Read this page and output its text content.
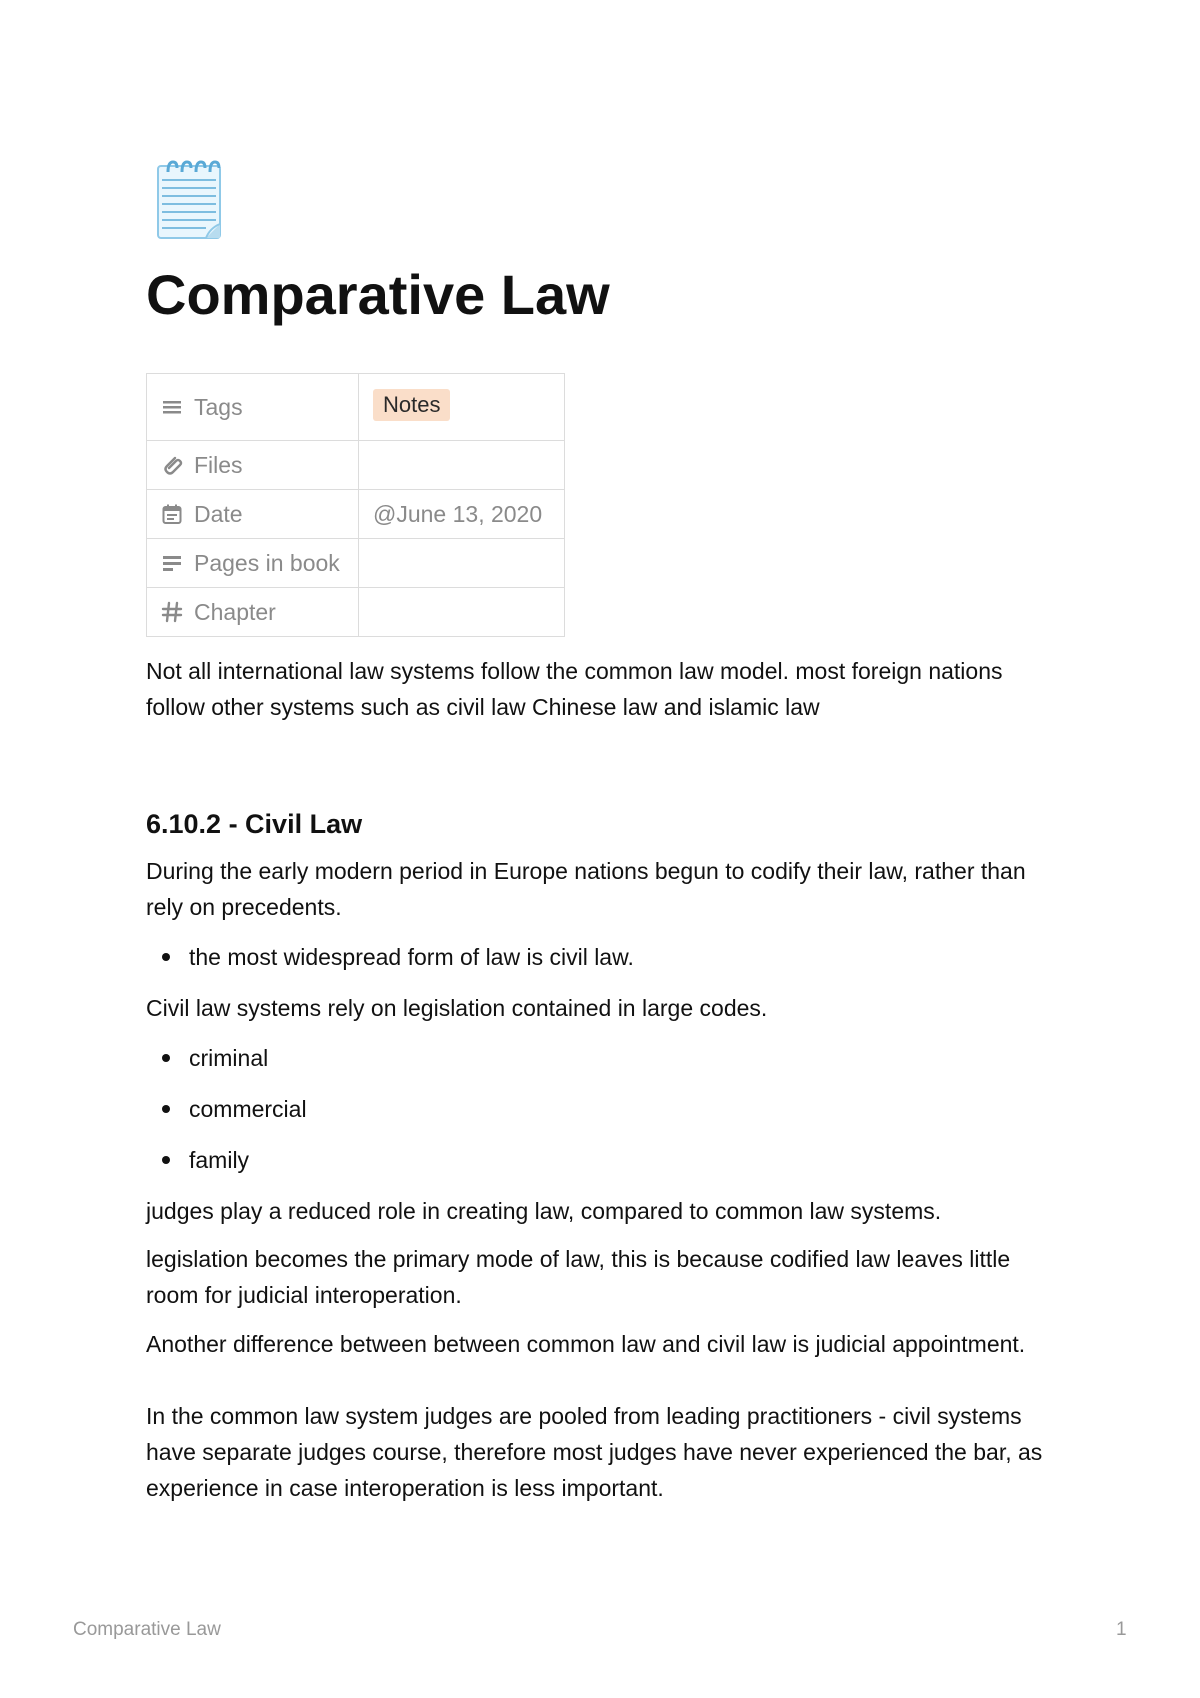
Comparative Law
Tags	Notes

Files	

Date	@June 13, 2020

Pages in book	

Chapter	

Not all international law systems follow the common law model. most foreign nations follow other systems such as civil law Chinese law and islamic law

6.10.2 - Civil Law

During the early modern period in Europe nations begun to codify their law, rather than rely on precedents.

the most widespread form of law is civil law.

Civil law systems rely on legislation contained in large codes.

criminal
commercial
family

judges play a reduced role in creating law, compared to common law systems.

legislation becomes the primary mode of law, this is because codified law leaves little room for judicial interoperation.

Another difference between between common law and civil law is judicial appointment.

In the common law system judges are pooled from leading practitioners - civil systems have separate judges course, therefore most judges have never experienced the bar, as experience in case interoperation is less important.

Comparative Law	1
